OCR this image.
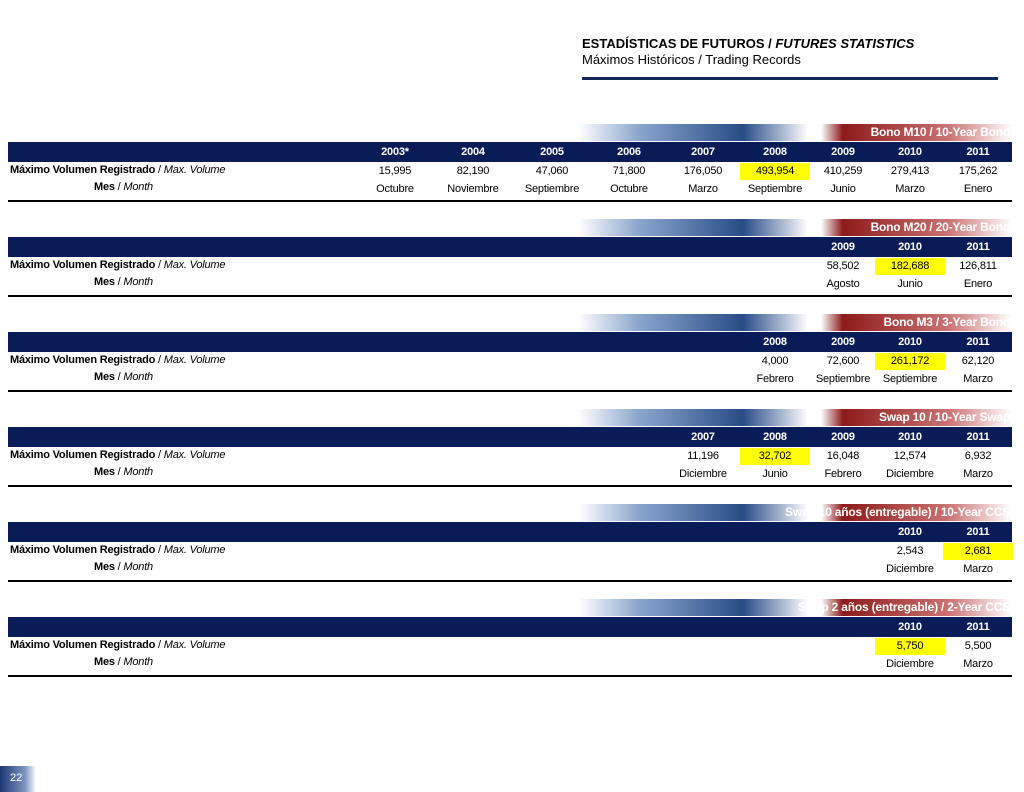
ESTADÍSTICAS DE FUTUROS / FUTURES STATISTICS
Máximos Históricos / Trading Records
Bono M10 / 10-Year Bond
Máximo Volumen Registrado / Max. Volume
Mes / Month
2003*
15,995
Octubre
2004
82,190
Noviembre
2005
47,060
Septiembre
2006
71,800
Octubre
2007
176,050
Marzo
2008
493,954
Septiembre
2009
410,259
Junio
2010
279,413
Marzo
2011
175,262
Enero
Bono M20 / 20-Year Bond
Máximo Volumen Registrado / Max. Volume
Mes / Month
2009
58,502
Agosto
2010
182,688
Junio
2011
126,811
Enero
Bono M3 / 3-Year Bond
Máximo Volumen Registrado / Max. Volume
Mes / Month
2008
4,000
Febrero
2009
72,600
Septiembre
2010
261,172
Septiembre
2011
62,120
Marzo
Swap 10 / 10-Year Swap
Máximo Volumen Registrado / Max. Volume
Mes / Month
2007
11,196
Diciembre
2008
32,702
Junio
2009
16,048
Febrero
2010
12,574
Diciembre
2011
6,932
Marzo
Swap 10 años (entregable) / 10-Year CCS
Máximo Volumen Registrado / Max. Volume
Mes / Month
2010
2,543
Diciembre
2011
2,681
Marzo
Swap 2 años (entregable) / 2-Year CCS
Máximo Volumen Registrado / Max. Volume
Mes / Month
2010
5,750
Diciembre
2011
5,500
Marzo
22
